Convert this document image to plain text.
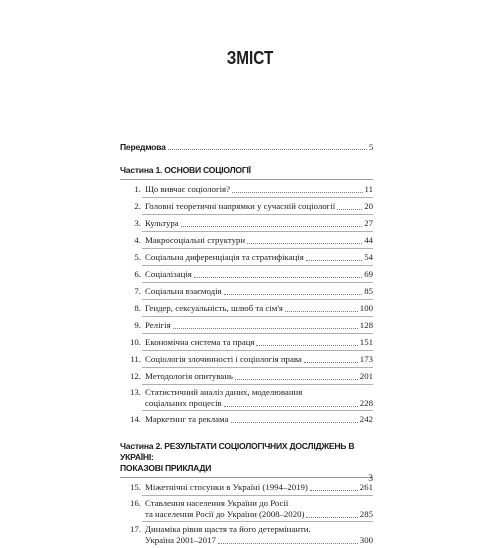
ЗМІСТ
Передмова	5
Частина 1. ОСНОВИ СОЦІОЛОГІЇ
1. Що вивчає соціологія?	11
2. Головні теоретичні напрямки у сучасній соціології	20
3. Культура	27
4. Макросоціальні структури	44
5. Соціальна диференціація та стратифікація	54
6. Соціалізація	69
7. Соціальна взаємодія	85
8. Гендер, сексуальність, шлюб та сім'я	100
9. Релігія	128
10. Економічна система та праця	151
11. Соціологія злочинності і соціологія права	173
12. Методологія опитувань	201
13. Статистичний аналіз даних, моделювання
соціальних процесів	228
14. Маркетинг та реклама	242
Частина 2. РЕЗУЛЬТАТИ СОЦІОЛОГІЧНИХ ДОСЛІДЖЕНЬ В УКРАЇНІ:
ПОКАЗОВІ ПРИКЛАДИ
15. Міжетнічні стосунки в Україні (1994–2019)	261
16. Ставлення населення України до Росії
та населення Росії до України (2008–2020)	285
17. Динаміка рівня щастя та його детермінанти.
Україна 2001–2017	300
3
